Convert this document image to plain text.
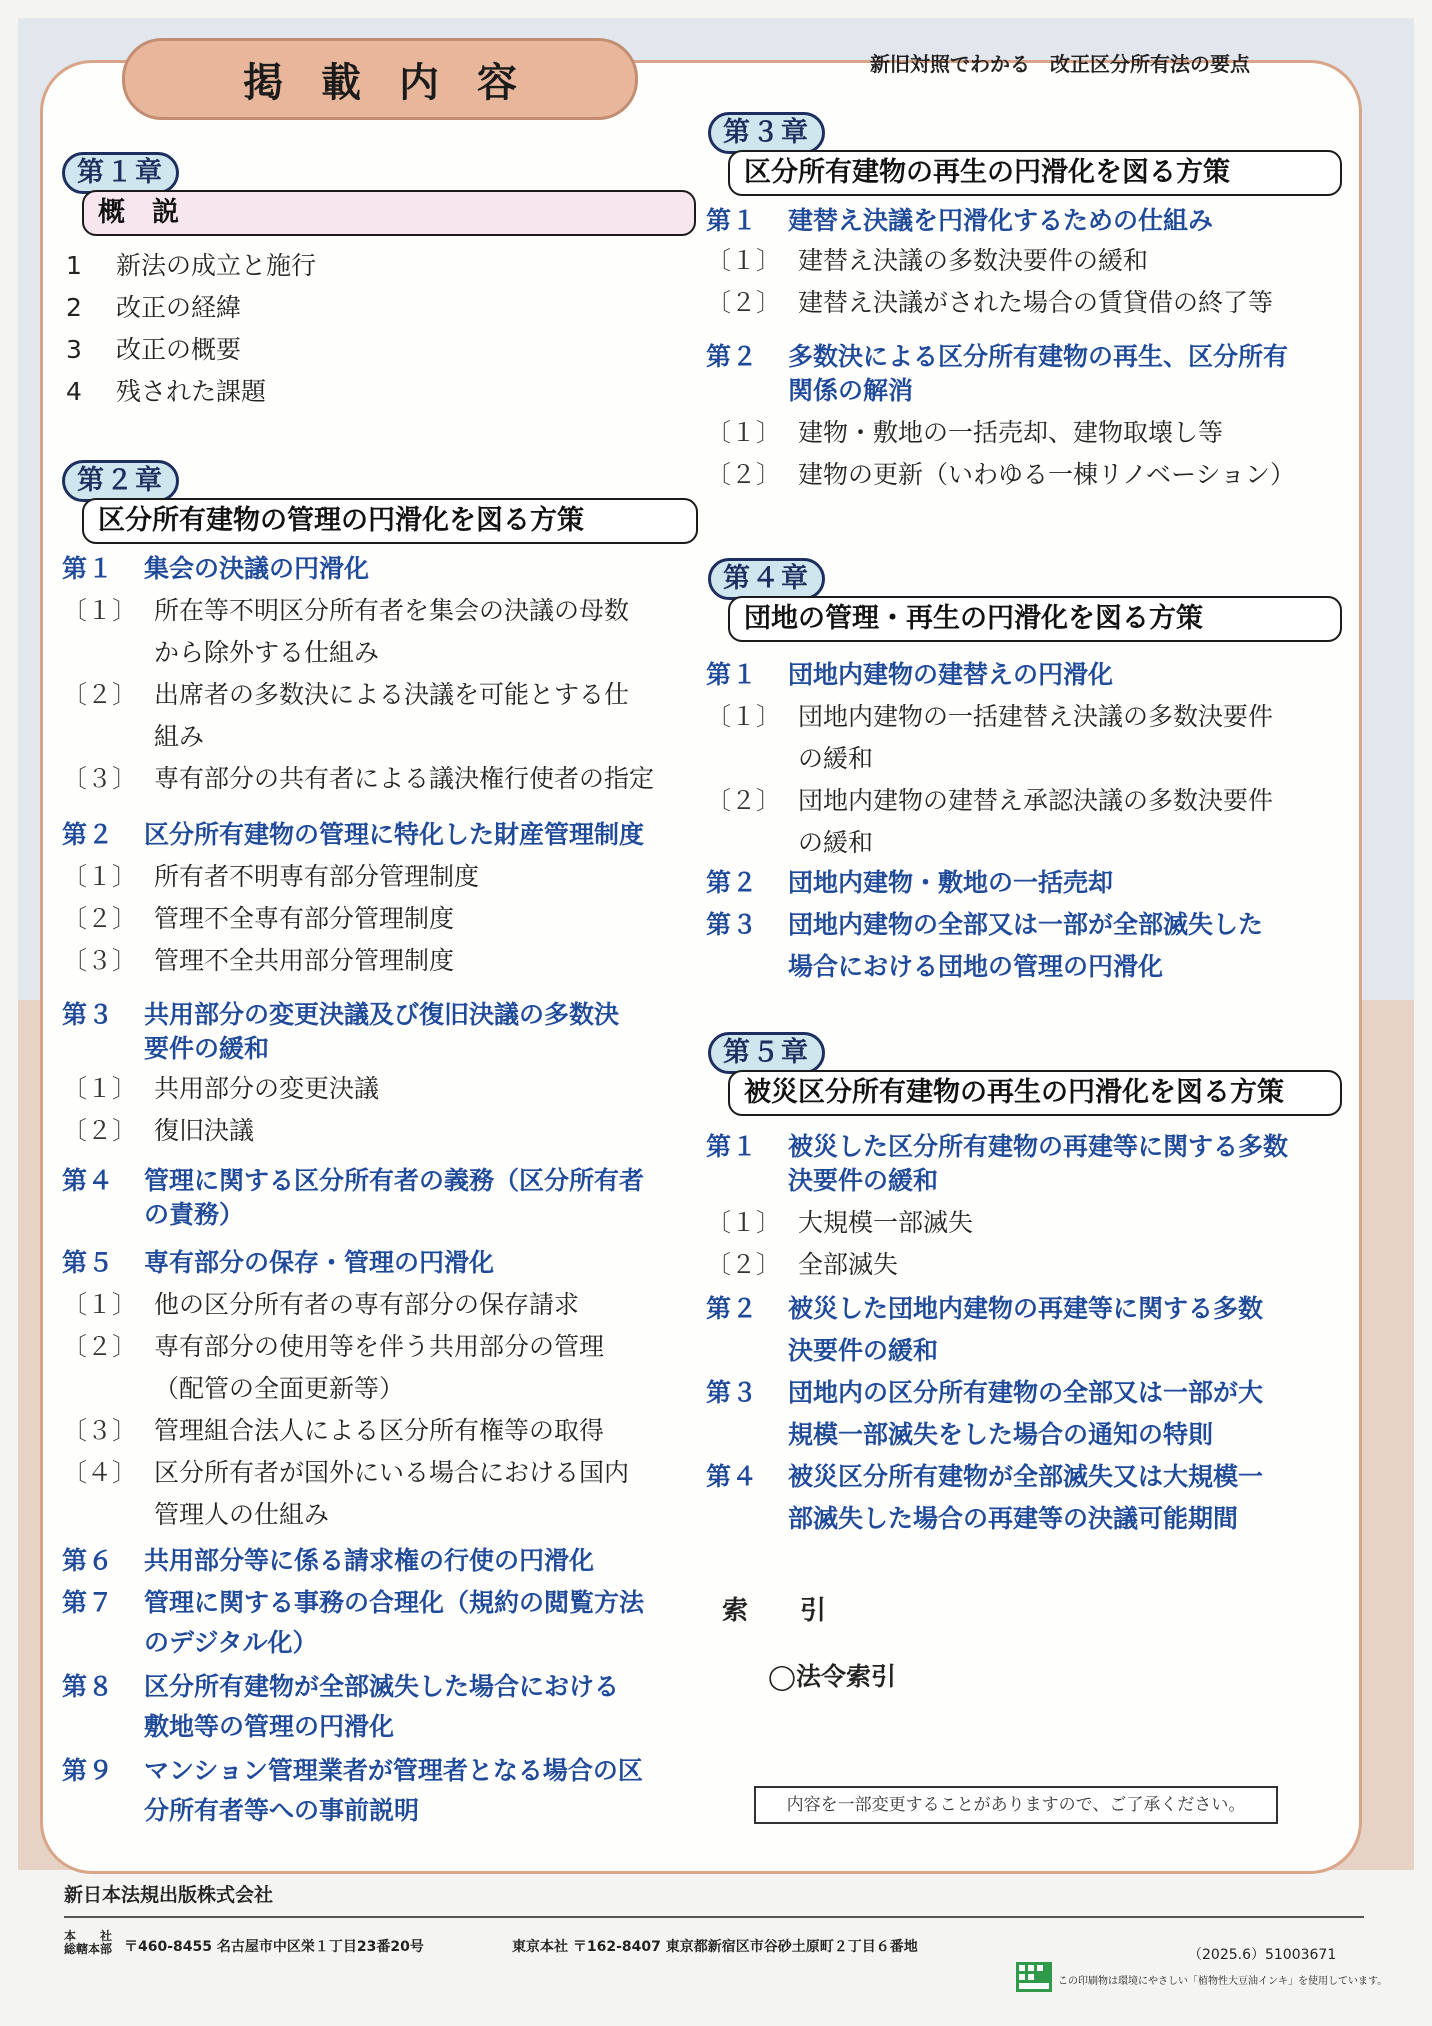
掲載内容	新旧対照でわかる　改正区分所有法の要点
第１章
概　説
1	新法の成立と施行
2	改正の経緯
3	改正の概要
4	残された課題
第２章
区分所有建物の管理の円滑化を図る方策
第１	集会の決議の円滑化
〔１〕 所在等不明区分所有者を集会の決議の母数
から除外する仕組み
〔２〕 出席者の多数決による決議を可能とする仕
組み
〔３〕 専有部分の共有者による議決権行使者の指定
第２	区分所有建物の管理に特化した財産管理制度
〔１〕 所有者不明専有部分管理制度
〔２〕 管理不全専有部分管理制度
〔３〕 管理不全共用部分管理制度
第３	共用部分の変更決議及び復旧決議の多数決
要件の緩和
〔１〕 共用部分の変更決議
〔２〕 復旧決議
第４	管理に関する区分所有者の義務（区分所有者
の責務）
第５	専有部分の保存・管理の円滑化
〔１〕 他の区分所有者の専有部分の保存請求
〔２〕 専有部分の使用等を伴う共用部分の管理
（配管の全面更新等）
〔３〕 管理組合法人による区分所有権等の取得
〔４〕 区分所有者が国外にいる場合における国内
管理人の仕組み
第６	共用部分等に係る請求権の行使の円滑化
第７	管理に関する事務の合理化（規約の閲覧方法
のデジタル化）
第８	区分所有建物が全部滅失した場合における
敷地等の管理の円滑化
第９	マンション管理業者が管理者となる場合の区
分所有者等への事前説明
第３章
区分所有建物の再生の円滑化を図る方策
第１	建替え決議を円滑化するための仕組み
〔１〕 建替え決議の多数決要件の緩和
〔２〕 建替え決議がされた場合の賃貸借の終了等
第２	多数決による区分所有建物の再生、区分所有
関係の解消
〔１〕 建物・敷地の一括売却、建物取壊し等
〔２〕 建物の更新（いわゆる一棟リノベーション）
第４章
団地の管理・再生の円滑化を図る方策
第１	団地内建物の建替えの円滑化
〔１〕 団地内建物の一括建替え決議の多数決要件
の緩和
〔２〕 団地内建物の建替え承認決議の多数決要件
の緩和
第２	団地内建物・敷地の一括売却
第３	団地内建物の全部又は一部が全部滅失した
場合における団地の管理の円滑化
第５章
被災区分所有建物の再生の円滑化を図る方策
第１	被災した区分所有建物の再建等に関する多数
決要件の緩和
〔１〕 大規模一部滅失
〔２〕 全部滅失
第２	被災した団地内建物の再建等に関する多数
決要件の緩和
第３	団地内の区分所有建物の全部又は一部が大
規模一部滅失をした場合の通知の特則
第４	被災区分所有建物が全部滅失又は大規模一
部滅失した場合の再建等の決議可能期間
索　　引
◯法令索引
内容を一部変更することがありますので、ご了承ください。
新日本法規出版株式会社
本　　社
総轄本部 〒460-8455 名古屋市中区栄１丁目23番20号	東京本社 〒162-8407 東京都新宿区市谷砂土原町２丁目６番地	（2025.6）51003671
この印刷物は環境にやさしい「植物性大豆油インキ」を使用しています。
